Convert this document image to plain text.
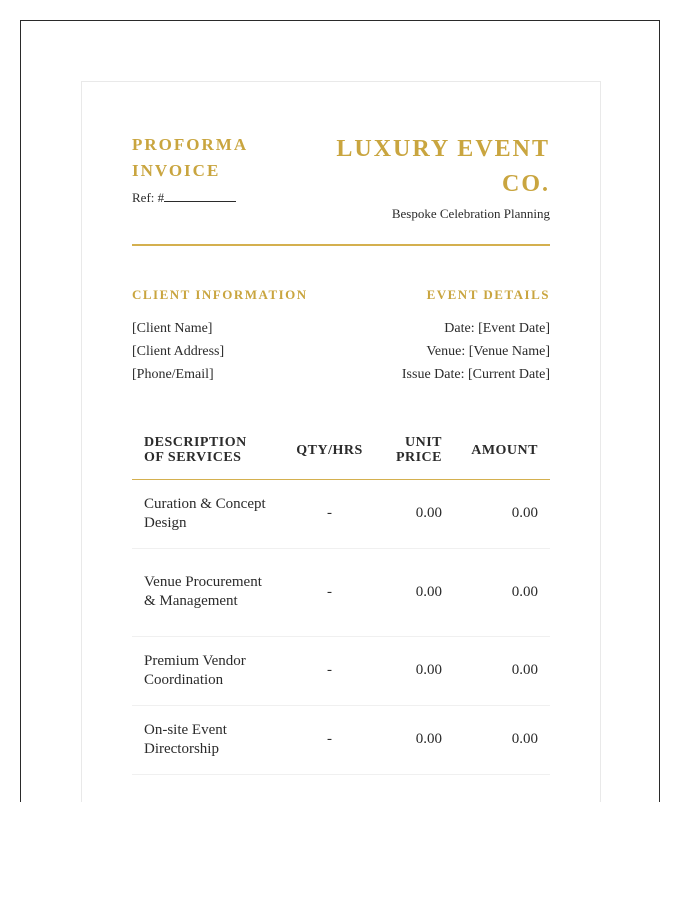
PROFORMA INVOICE
Ref: #
LUXURY EVENT CO.
Bespoke Celebration Planning
CLIENT INFORMATION
[Client Name]
[Client Address]
[Phone/Email]
EVENT DETAILS
Date: [Event Date]
Venue: [Venue Name]
Issue Date: [Current Date]
DESCRIPTION OF SERVICES	QTY/HRS	UNIT PRICE	AMOUNT
Curation & Concept Design	-	0.00	0.00
Venue Procurement & Management	-	0.00	0.00
Premium Vendor Coordination	-	0.00	0.00
On-site Event Directorship	-	0.00	0.00
